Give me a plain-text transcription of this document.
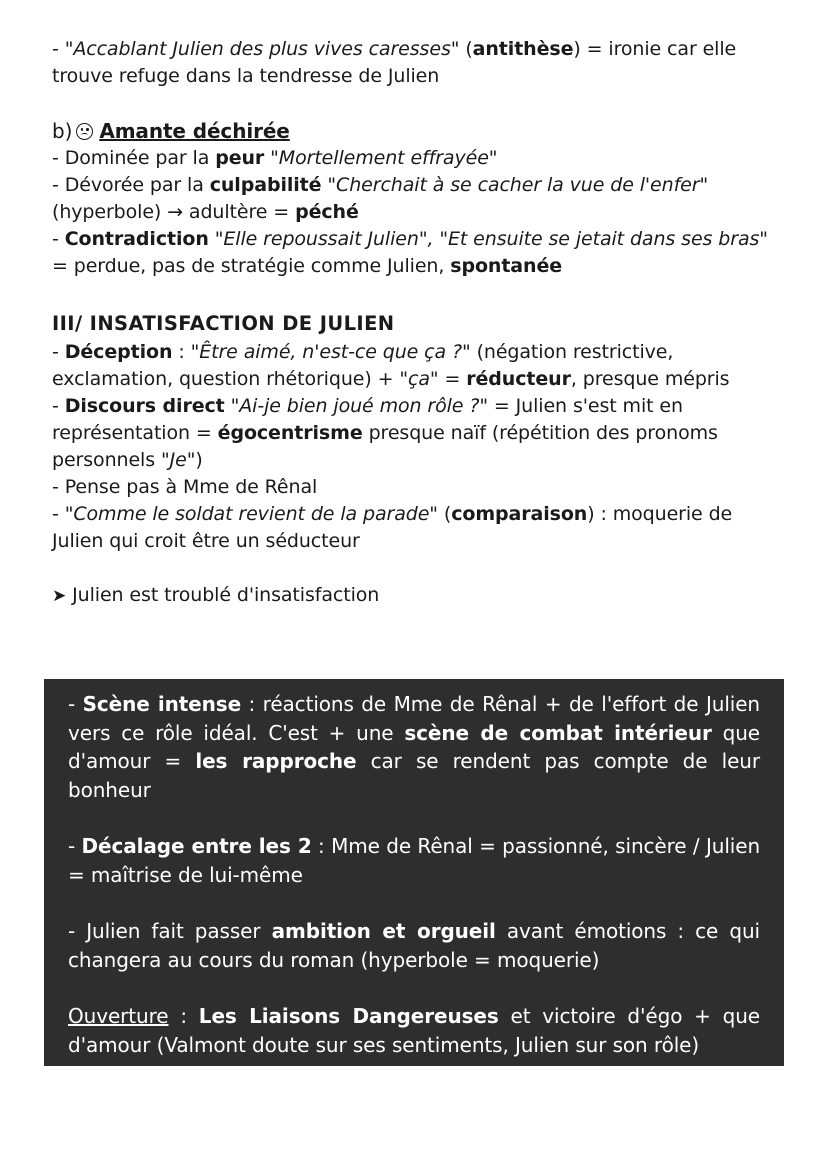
- "Accablant Julien des plus vives caresses" (antithèse) = ironie car elle
trouve refuge dans la tendresse de Julien
b) Amante déchirée
- Dominée par la peur "Mortellement effrayée"
- Dévorée par la culpabilité "Cherchait à se cacher la vue de l'enfer"
(hyperbole) → adultère = péché
- Contradiction "Elle repoussait Julien", "Et ensuite se jetait dans ses bras"
= perdue, pas de stratégie comme Julien, spontanée
III/ INSATISFACTION DE JULIEN
- Déception : "Être aimé, n'est-ce que ça ?" (négation restrictive,
exclamation, question rhétorique) + "ça" = réducteur, presque mépris
- Discours direct "Ai-je bien joué mon rôle ?" = Julien s'est mit en
représentation = égocentrisme presque naïf (répétition des pronoms
personnels "Je")
- Pense pas à Mme de Rênal
- "Comme le soldat revient de la parade" (comparaison) : moquerie de
Julien qui croit être un séducteur
➤ Julien est troublé d'insatisfaction

- Scène intense : réactions de Mme de Rênal + de l'effort de Julien vers ce rôle idéal. C'est + une scène de combat intérieur que d'amour = les rapproche car se rendent pas compte de leur bonheur

- Décalage entre les 2 : Mme de Rênal = passionné, sincère / Julien = maîtrise de lui-même

- Julien fait passer ambition et orgueil avant émotions : ce qui changera au cours du roman (hyperbole = moquerie)

Ouverture : Les Liaisons Dangereuses et victoire d'égo + que d'amour (Valmont doute sur ses sentiments, Julien sur son rôle)
